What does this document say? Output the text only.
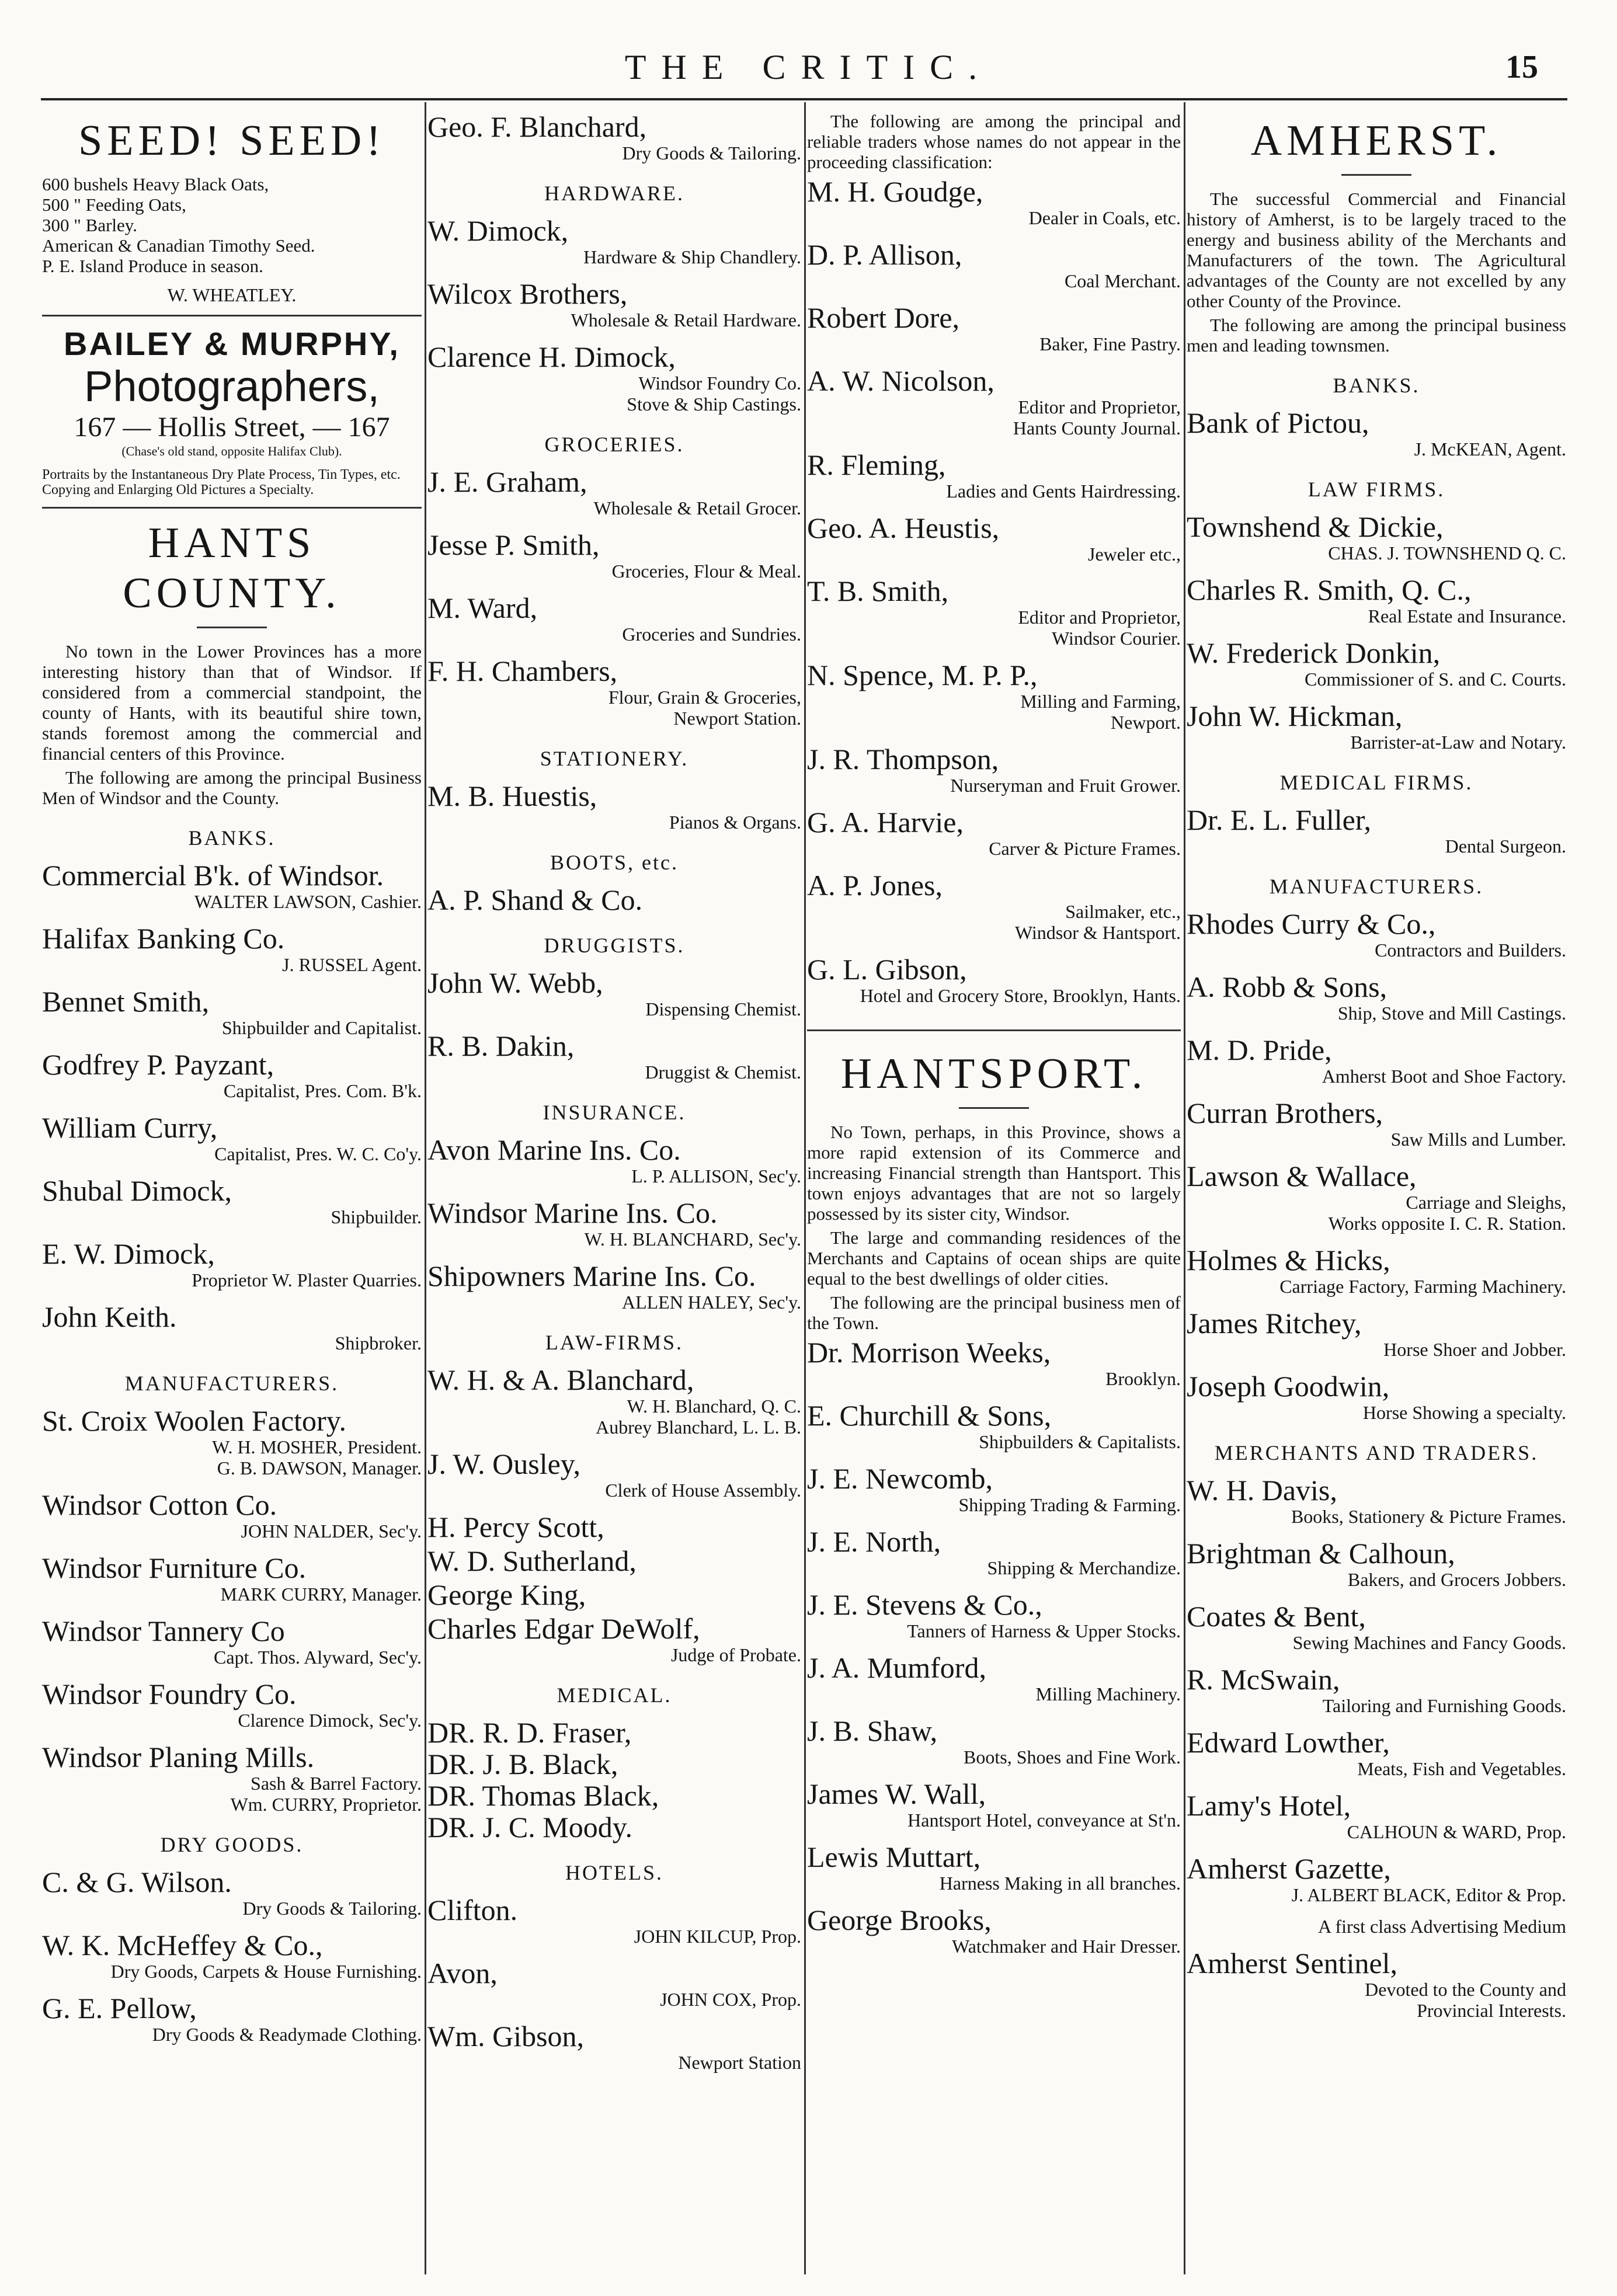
THE CRITIC.	15
SEED! SEED!
600 bushels Heavy Black Oats,
500 " Feeding Oats,
300 " Barley.
American & Canadian Timothy Seed.
P. E. Island Produce in season.
W. WHEATLEY.
BAILEY & MURPHY,
Photographers,
167 — Hollis Street, — 167
(Chase's old stand, opposite Halifax Club).
Portraits by the Instantaneous Dry Plate Process, Tin Types, etc. Copying and Enlarging Old Pictures a Specialty.
HANTS COUNTY.

No town in the Lower Provinces has a more interesting history than that of Windsor. If considered from a commercial standpoint, the county of Hants, with its beautiful shire town, stands foremost among the commercial and financial centers of this Province.

The following are among the principal Business Men of Windsor and the County.

BANKS.
Commercial B'k. of Windsor.
WALTER LAWSON, Cashier.
Halifax Banking Co.
J. RUSSEL Agent.
Bennet Smith,
Shipbuilder and Capitalist.
Godfrey P. Payzant,
Capitalist, Pres. Com. B'k.
William Curry,
Capitalist, Pres. W. C. Co'y.
Shubal Dimock,
Shipbuilder.
E. W. Dimock,
Proprietor W. Plaster Quarries.
John Keith.
Shipbroker.
MANUFACTURERS.
St. Croix Woolen Factory.
W. H. MOSHER, President.
G. B. DAWSON, Manager.
Windsor Cotton Co.
JOHN NALDER, Sec'y.
Windsor Furniture Co.
MARK CURRY, Manager.
Windsor Tannery Co
Capt. Thos. Alyward, Sec'y.
Windsor Foundry Co.
Clarence Dimock, Sec'y.
Windsor Planing Mills.
Sash & Barrel Factory.
Wm. CURRY, Proprietor.
DRY GOODS.
C. & G. Wilson.
Dry Goods & Tailoring.
W. K. McHeffey & Co.,
Dry Goods, Carpets & House Furnishing.
G. E. Pellow,
Dry Goods & Readymade Clothing.
Geo. F. Blanchard,
Dry Goods & Tailoring.
HARDWARE.
W. Dimock,
Hardware & Ship Chandlery.
Wilcox Brothers,
Wholesale & Retail Hardware.
Clarence H. Dimock,
Windsor Foundry Co.
Stove & Ship Castings.
GROCERIES.
J. E. Graham,
Wholesale & Retail Grocer.
Jesse P. Smith,
Groceries, Flour & Meal.
M. Ward,
Groceries and Sundries.
F. H. Chambers,
Flour, Grain & Groceries,
Newport Station.
STATIONERY.
M. B. Huestis,
Pianos & Organs.
BOOTS, etc.
A. P. Shand & Co.
DRUGGISTS.
John W. Webb,
Dispensing Chemist.
R. B. Dakin,
Druggist & Chemist.
INSURANCE.
Avon Marine Ins. Co.
L. P. ALLISON, Sec'y.
Windsor Marine Ins. Co.
W. H. BLANCHARD, Sec'y.
Shipowners Marine Ins. Co.
ALLEN HALEY, Sec'y.
LAW-FIRMS.
W. H. & A. Blanchard,
W. H. Blanchard, Q. C.
Aubrey Blanchard, L. L. B.
J. W. Ousley,
Clerk of House Assembly.
H. Percy Scott,
W. D. Sutherland,
George King,
Charles Edgar DeWolf,
Judge of Probate.
MEDICAL.
DR. R. D. Fraser,
DR. J. B. Black,
DR. Thomas Black,
DR. J. C. Moody.
HOTELS.
Clifton.
JOHN KILCUP, Prop.
Avon,
JOHN COX, Prop.
Wm. Gibson,
Newport Station

The following are among the principal and reliable traders whose names do not appear in the proceeding classification:

M. H. Goudge,
Dealer in Coals, etc.
D. P. Allison,
Coal Merchant.
Robert Dore,
Baker, Fine Pastry.
A. W. Nicolson,
Editor and Proprietor,
Hants County Journal.
R. Fleming,
Ladies and Gents Hairdressing.
Geo. A. Heustis,
Jeweler etc.,
T. B. Smith,
Editor and Proprietor,
Windsor Courier.
N. Spence, M. P. P.,
Milling and Farming,
Newport.
J. R. Thompson,
Nurseryman and Fruit Grower.
G. A. Harvie,
Carver & Picture Frames.
A. P. Jones,
Sailmaker, etc.,
Windsor & Hantsport.
G. L. Gibson,
Hotel and Grocery Store, Brooklyn, Hants.
HANTSPORT.

No Town, perhaps, in this Province, shows a more rapid extension of its Commerce and increasing Financial strength than Hantsport. This town enjoys advantages that are not so largely possessed by its sister city, Windsor.

The large and commanding residences of the Merchants and Captains of ocean ships are quite equal to the best dwellings of older cities.

The following are the principal business men of the Town.

Dr. Morrison Weeks,
Brooklyn.
E. Churchill & Sons,
Shipbuilders & Capitalists.
J. E. Newcomb,
Shipping Trading & Farming.
J. E. North,
Shipping & Merchandize.
J. E. Stevens & Co.,
Tanners of Harness & Upper Stocks.
J. A. Mumford,
Milling Machinery.
J. B. Shaw,
Boots, Shoes and Fine Work.
James W. Wall,
Hantsport Hotel, conveyance at St'n.
Lewis Muttart,
Harness Making in all branches.
George Brooks,
Watchmaker and Hair Dresser.
AMHERST.

The successful Commercial and Financial history of Amherst, is to be largely traced to the energy and business ability of the Merchants and Manufacturers of the town. The Agricultural advantages of the County are not excelled by any other County of the Province.

The following are among the principal business men and leading townsmen.

BANKS.
Bank of Pictou,
J. McKEAN, Agent.
LAW FIRMS.
Townshend & Dickie,
CHAS. J. TOWNSHEND Q. C.
Charles R. Smith, Q. C.,
Real Estate and Insurance.
W. Frederick Donkin,
Commissioner of S. and C. Courts.
John W. Hickman,
Barrister-at-Law and Notary.
MEDICAL FIRMS.
Dr. E. L. Fuller,
Dental Surgeon.
MANUFACTURERS.
Rhodes Curry & Co.,
Contractors and Builders.
A. Robb & Sons,
Ship, Stove and Mill Castings.
M. D. Pride,
Amherst Boot and Shoe Factory.
Curran Brothers,
Saw Mills and Lumber.
Lawson & Wallace,
Carriage and Sleighs,
Works opposite I. C. R. Station.
Holmes & Hicks,
Carriage Factory, Farming Machinery.
James Ritchey,
Horse Shoer and Jobber.
Joseph Goodwin,
Horse Showing a specialty.
MERCHANTS AND TRADERS.
W. H. Davis,
Books, Stationery & Picture Frames.
Brightman & Calhoun,
Bakers, and Grocers Jobbers.
Coates & Bent,
Sewing Machines and Fancy Goods.
R. McSwain,
Tailoring and Furnishing Goods.
Edward Lowther,
Meats, Fish and Vegetables.
Lamy's Hotel,
CALHOUN & WARD, Prop.
Amherst Gazette,
J. ALBERT BLACK, Editor & Prop.
A first class Advertising Medium
Amherst Sentinel,
Devoted to the County and
Provincial Interests.
